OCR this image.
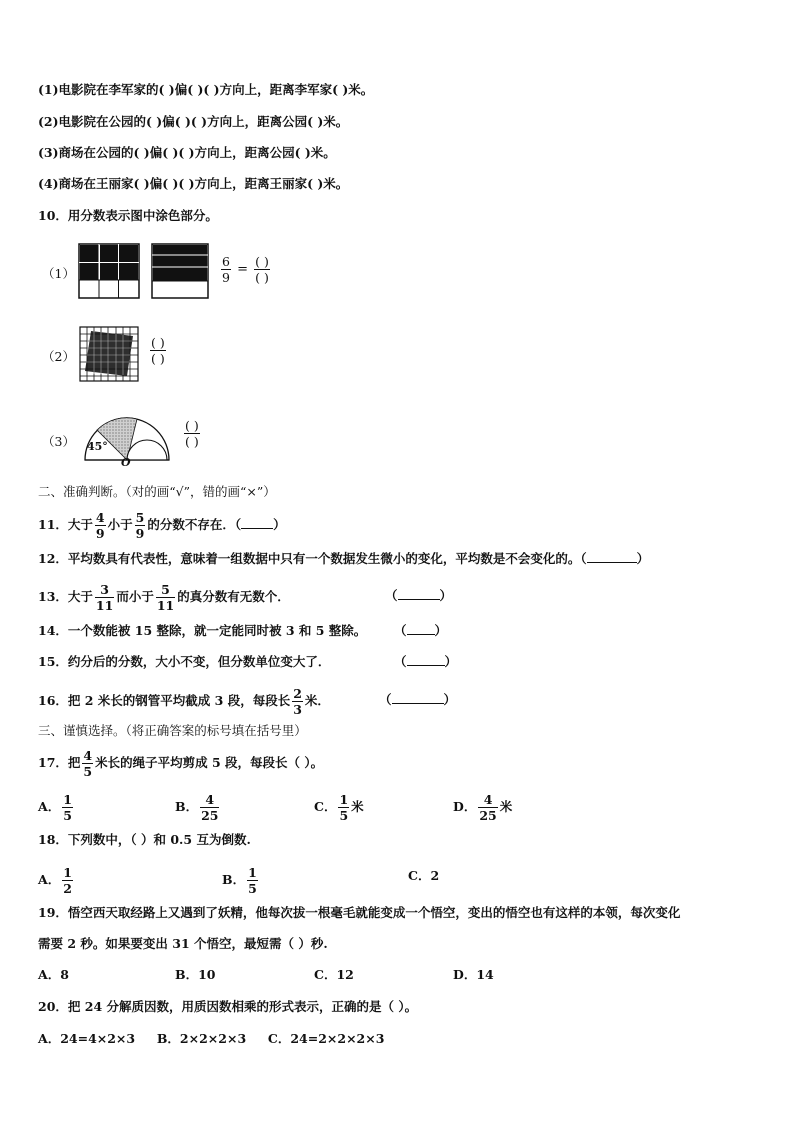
(1)电影院在李军家的( )偏( )( )方向上，距离李军家( )米。
(2)电影院在公园的( )偏( )( )方向上，距离公园( )米。
(3)商场在公园的( )偏( )( )方向上，距离公园( )米。
(4)商场在王丽家( )偏( )( )方向上，距离王丽家( )米。
10．用分数表示图中涂色部分。
（1）	$\frac{6}{9} = \frac{( )}{( )}$
（2）	$\frac{( )}{( )}$
（3） 45°
O
$\frac{( )}{( )}$
二、准确判断。（对的画“√”，错的画“×”）
11．大于 $\frac{4}{9}$ 小于 $\frac{5}{9}$ 的分数不存在．（	）
12．平均数具有代表性，意味着一组数据中只有一个数据发生微小的变化，平均数是不会变化的。（	）
13．大于 $\frac{3}{11}$ 而小于 $\frac{5}{11}$ 的真分数有无数个．	（	）
14．一个数能被 15 整除，就一定能同时被 3 和 5 整除。 （ ）
15．约分后的分数，大小不变，但分数单位变大了．	（	）
16．把 2 米长的钢管平均截成 3 段，每段长 $\frac{2}{3}$ 米．	（	）
三、谨慎选择。（将正确答案的标号填在括号里）
17．把 $\frac{4}{5}$ 米长的绳子平均剪成 5 段，每段长（ ）。
A． $\frac{1}{5}$	B． $\frac{4}{25}$	C． $\frac{1}{5}$ 米	D． $\frac{4}{25}$ 米
18．下列数中，（ ）和 0.5 互为倒数.
A． $\frac{1}{2}$	B． $\frac{1}{5}$	C．2
19．悟空西天取经路上又遇到了妖精，他每次拔一根毫毛就能变成一个悟空，变出的悟空也有这样的本领，每次变化
需要 2 秒。如果要变出 31 个悟空，最短需（ ）秒.
A．8	B．10	C．12	D．14
20．把 24 分解质因数，用质因数相乘的形式表示，正确的是（ ）。
A．24=4×2×3     B．2×2×2×3     C．24=2×2×2×3
